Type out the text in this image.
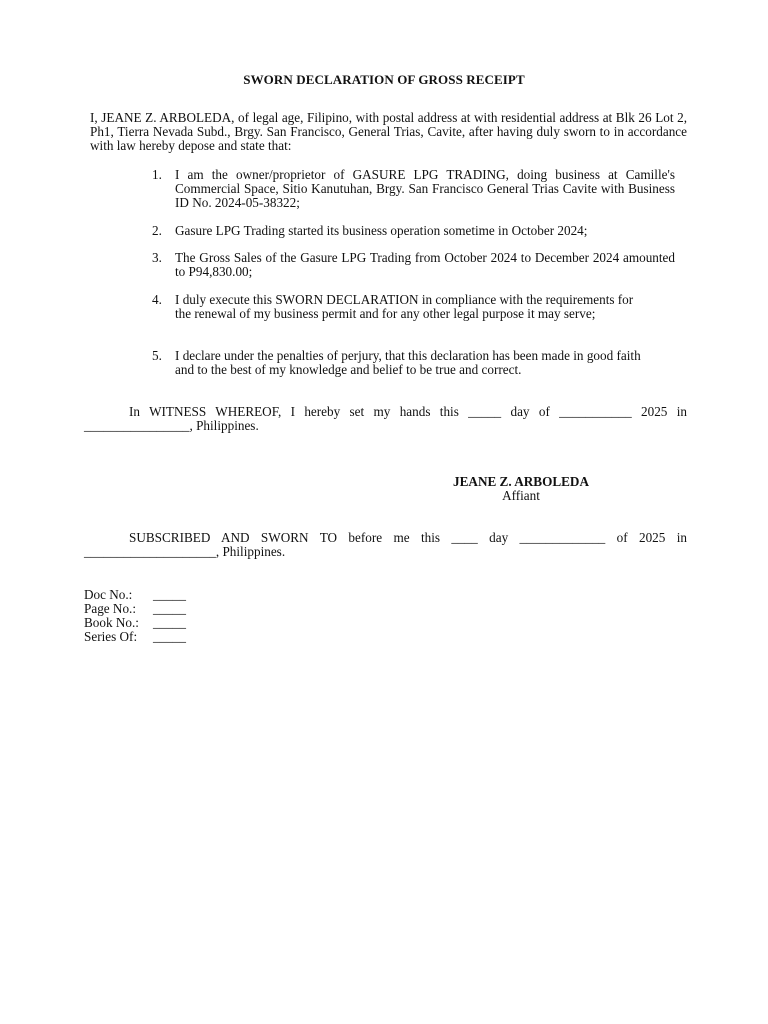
SWORN DECLARATION OF GROSS RECEIPT
I, JEANE Z. ARBOLEDA, of legal age, Filipino, with postal address at with residential address at Blk 26 Lot 2, Ph1, Tierra Nevada Subd., Brgy. San Francisco, General Trias, Cavite, after having duly sworn to in accordance with law hereby depose and state that:
1. I am the owner/proprietor of GASURE LPG TRADING, doing business at Camille's Commercial Space, Sitio Kanutuhan, Brgy. San Francisco General Trias Cavite with Business ID No. 2024-05-38322;
2. Gasure LPG Trading started its business operation sometime in October 2024;
3. The Gross Sales of the Gasure LPG Trading from October 2024 to December 2024 amounted to P94,830.00;
4. I duly execute this SWORN DECLARATION in compliance with the requirements for the renewal of my business permit and for any other legal purpose it may serve;
5. I declare under the penalties of perjury, that this declaration has been made in good faith and to the best of my knowledge and belief to be true and correct.
In WITNESS WHEREOF, I hereby set my hands this _____ day of ___________ 2025 in ________________, Philippines.
JEANE Z. ARBOLEDA
Affiant
SUBSCRIBED AND SWORN TO before me this ____ day _____________ of 2025 in ____________________, Philippines.
Doc No.:	_____
Page No.:	_____
Book No.:	_____
Series Of:	_____
